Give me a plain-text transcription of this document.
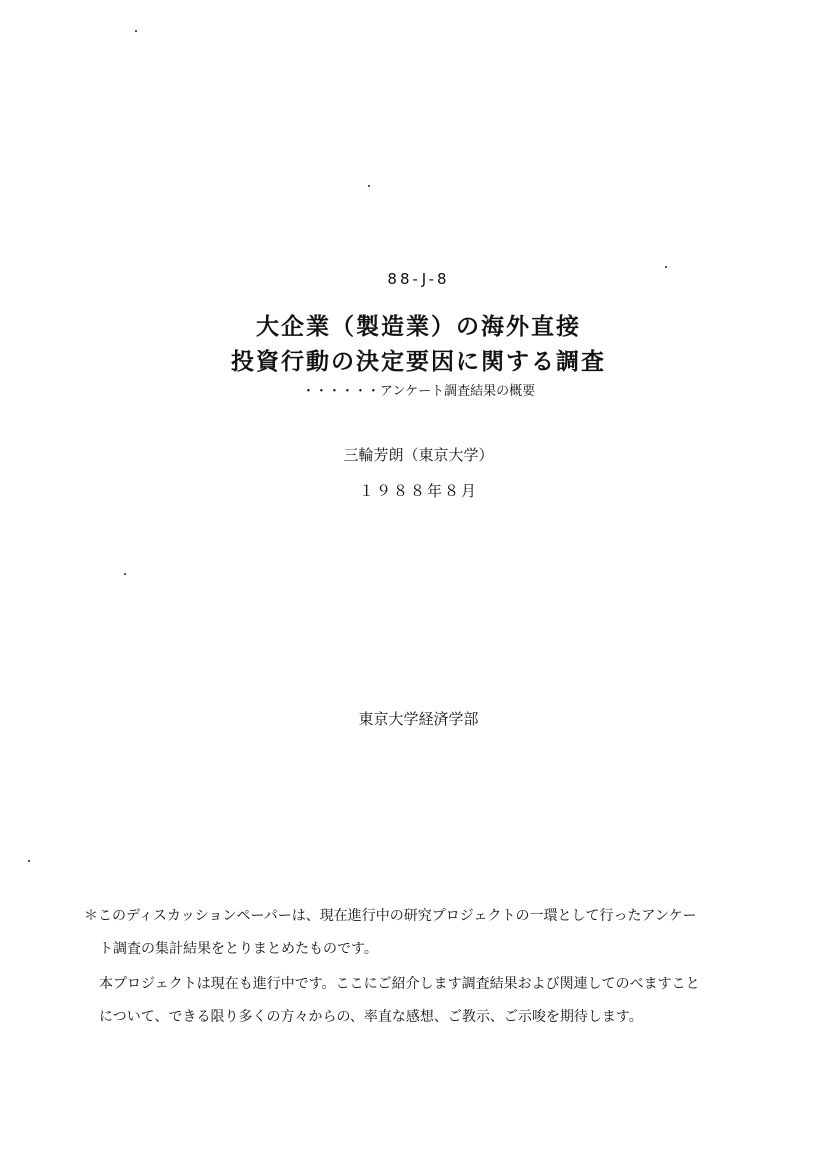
88-J-8
大企業（製造業）の海外直接
投資行動の決定要因に関する調査
・・・・・・アンケート調査結果の概要
三輪芳朗（東京大学）
１９８８年８月
東京大学経済学部
＊このディスカッションペーパーは、現在進行中の研究プロジェクトの一環として行ったアンケー
ト調査の集計結果をとりまとめたものです。
本プロジェクトは現在も進行中です。ここにご紹介します調査結果および関連してのべますこと
について、できる限り多くの方々からの、率直な感想、ご教示、ご示唆を期待します。
